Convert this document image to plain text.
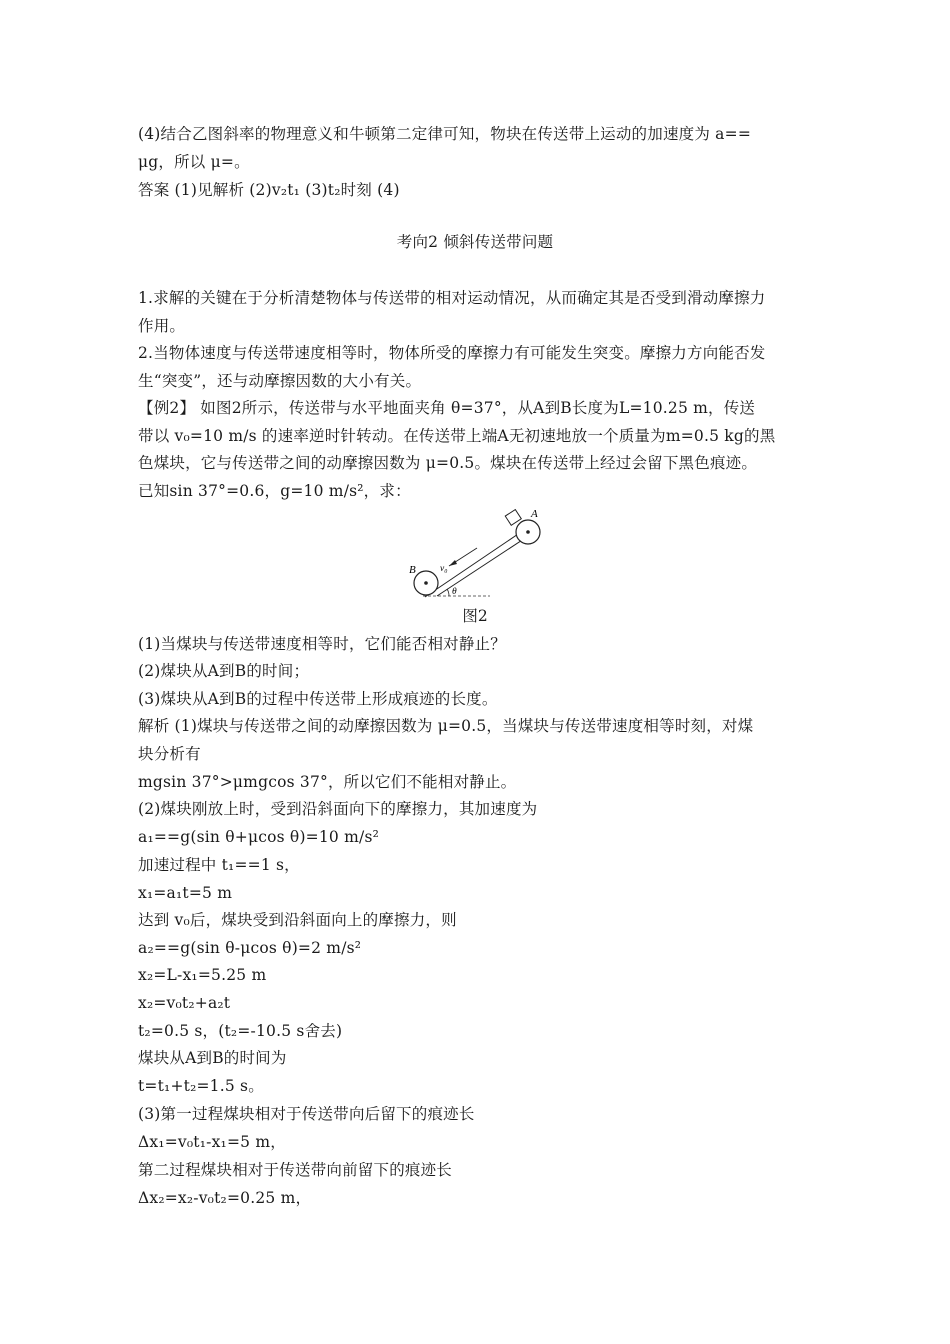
(4)结合乙图斜率的物理意义和牛顿第二定律可知，物块在传送带上运动的加速度为 a==
μg，所以 μ=。
答案 (1)见解析 (2)v₂t₁ (3)t₂时刻 (4)
考向2 倾斜传送带问题
1.求解的关键在于分析清楚物体与传送带的相对运动情况，从而确定其是否受到滑动摩擦力
作用。
2.当物体速度与传送带速度相等时，物体所受的摩擦力有可能发生突变。摩擦力方向能否发
生“突变”，还与动摩擦因数的大小有关。
【例2】 如图2所示，传送带与水平地面夹角 θ=37°，从A到B长度为L=10.25 m，传送
带以 v₀=10 m/s 的速率逆时针转动。在传送带上端A无初速地放一个质量为m=0.5 kg的黑
色煤块，它与传送带之间的动摩擦因数为 μ=0.5。煤块在传送带上经过会留下黑色痕迹。
已知sin 37°=0.6，g=10 m/s²，求：
A
B	v₀
θ
图2
(1)当煤块与传送带速度相等时，它们能否相对静止？
(2)煤块从A到B的时间；
(3)煤块从A到B的过程中传送带上形成痕迹的长度。
解析 (1)煤块与传送带之间的动摩擦因数为 μ=0.5，当煤块与传送带速度相等时刻，对煤
块分析有
mgsin 37°>μmgcos 37°，所以它们不能相对静止。
(2)煤块刚放上时，受到沿斜面向下的摩擦力，其加速度为
a₁==g(sin θ+μcos θ)=10 m/s²
加速过程中 t₁==1 s，
x₁=a₁t=5 m
达到 v₀后，煤块受到沿斜面向上的摩擦力，则
a₂==g(sin θ-μcos θ)=2 m/s²
x₂=L-x₁=5.25 m
x₂=v₀t₂+a₂t
t₂=0.5 s，(t₂=-10.5 s舍去)
煤块从A到B的时间为
t=t₁+t₂=1.5 s。
(3)第一过程煤块相对于传送带向后留下的痕迹长
Δx₁=v₀t₁-x₁=5 m，
第二过程煤块相对于传送带向前留下的痕迹长
Δx₂=x₂-v₀t₂=0.25 m，
